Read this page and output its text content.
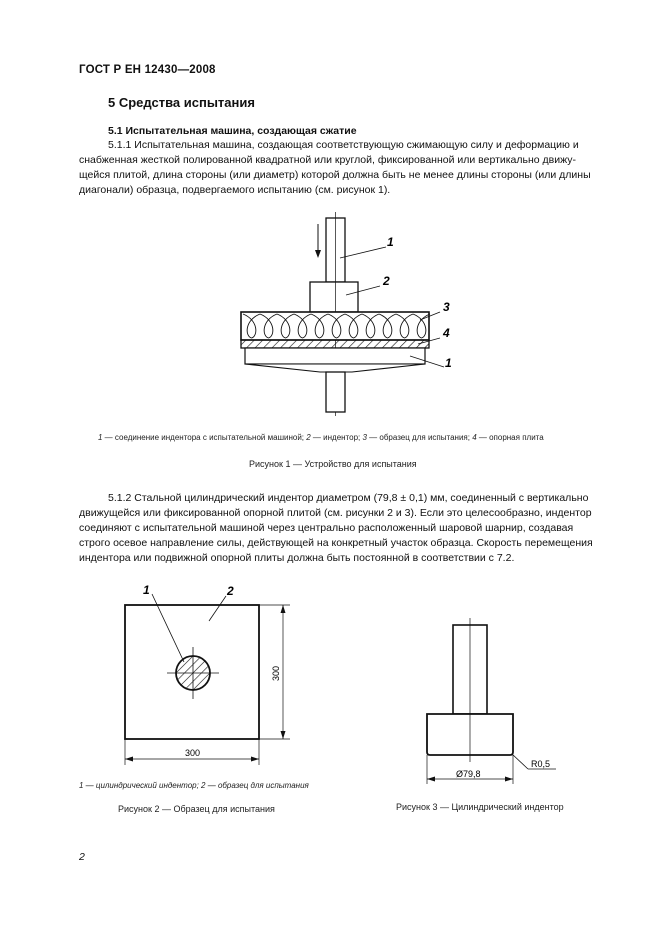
ГОСТ Р ЕН 12430—2008
5 Средства испытания
5.1 Испытательная машина, создающая сжатие

5.1.1 Испытательная машина, создающая соответствующую сжимающую силу и деформацию и

снабженная жесткой полированной квадратной или круглой, фиксированной или вертикально движу-

щейся плитой, длина стороны (или диаметр) которой должна быть не менее длины стороны (или длины

диагонали) образца, подвергаемого испытанию (см. рисунок 1).

1
2
3
4
1
1	2
300
300
Ø79,8
R0,5
1 — соединение индентора с испытательной машиной; 2 — индентор; 3 — образец для испытания; 4 — опорная плита
Рисунок 1 — Устройство для испытания

5.1.2 Стальной цилиндрический индентор диаметром (79,8 ± 0,1) мм, соединенный с вертикально

движущейся или фиксированной опорной плитой (см. рисунки 2 и 3). Если это целесообразно, индентор

соединяют с испытательной машиной через центрально расположенный шаровой шарнир, создавая

строго осевое направление силы, действующей на конкретный участок образца. Скорость перемещения

индентора или подвижной опорной плиты должна быть постоянной в соответствии с 7.2.

1 — цилиндрический индентор; 2 — образец для испытания
Рисунок 2 — Образец для испытания	Рисунок 3 — Цилиндрический индентор
2
